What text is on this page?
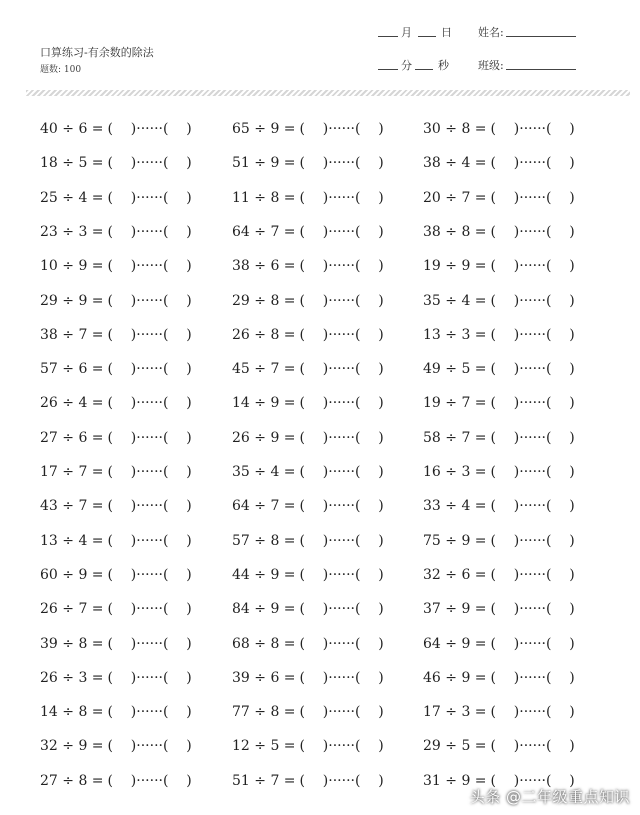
口算练习-有余数的除法
题数: 100
月	日 姓名:
分 秒	班级:
40 ÷ 6 = (    )······(    )	65 ÷ 9 = (    )······(    )	30 ÷ 8 = (    )······(    )
18 ÷ 5 = (    )······(    )	51 ÷ 9 = (    )······(    )	38 ÷ 4 = (    )······(    )
25 ÷ 4 = (    )······(    )	11 ÷ 8 = (    )······(    )	20 ÷ 7 = (    )······(    )
23 ÷ 3 = (    )······(    )	64 ÷ 7 = (    )······(    )	38 ÷ 8 = (    )······(    )
10 ÷ 9 = (    )······(    )	38 ÷ 6 = (    )······(    )	19 ÷ 9 = (    )······(    )
29 ÷ 9 = (    )······(    )	29 ÷ 8 = (    )······(    )	35 ÷ 4 = (    )······(    )
38 ÷ 7 = (    )······(    )	26 ÷ 8 = (    )······(    )	13 ÷ 3 = (    )······(    )
57 ÷ 6 = (    )······(    )	45 ÷ 7 = (    )······(    )	49 ÷ 5 = (    )······(    )
26 ÷ 4 = (    )······(    )	14 ÷ 9 = (    )······(    )	19 ÷ 7 = (    )······(    )
27 ÷ 6 = (    )······(    )	26 ÷ 9 = (    )······(    )	58 ÷ 7 = (    )······(    )
17 ÷ 7 = (    )······(    )	35 ÷ 4 = (    )······(    )	16 ÷ 3 = (    )······(    )
43 ÷ 7 = (    )······(    )	64 ÷ 7 = (    )······(    )	33 ÷ 4 = (    )······(    )
13 ÷ 4 = (    )······(    )	57 ÷ 8 = (    )······(    )	75 ÷ 9 = (    )······(    )
60 ÷ 9 = (    )······(    )	44 ÷ 9 = (    )······(    )	32 ÷ 6 = (    )······(    )
26 ÷ 7 = (    )······(    )	84 ÷ 9 = (    )······(    )	37 ÷ 9 = (    )······(    )
39 ÷ 8 = (    )······(    )	68 ÷ 8 = (    )······(    )	64 ÷ 9 = (    )······(    )
26 ÷ 3 = (    )······(    )	39 ÷ 6 = (    )······(    )	46 ÷ 9 = (    )······(    )
14 ÷ 8 = (    )······(    )	77 ÷ 8 = (    )······(    )	17 ÷ 3 = (    )······(    )
32 ÷ 9 = (    )······(    )	12 ÷ 5 = (    )······(    )	29 ÷ 5 = (    )······(    )
27 ÷ 8 = (    )······(    )	51 ÷ 7 = (    )······(    )	31 ÷ 9 = (    )······(    )
头条 @二年级重点知识
